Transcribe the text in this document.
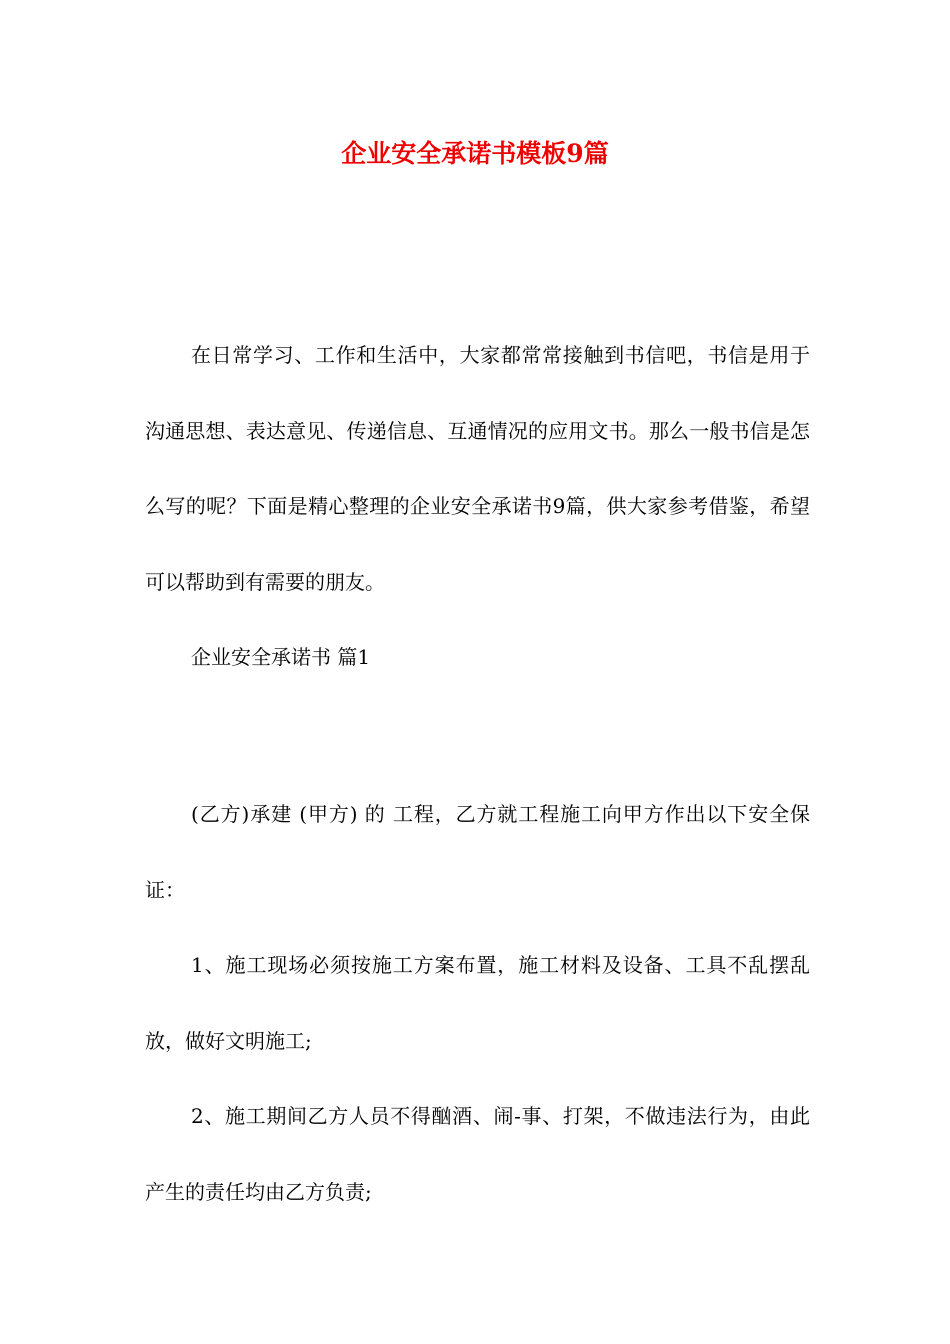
企业安全承诺书模板9篇

在日常学习、工作和生活中，大家都常常接触到书信吧，书信是用于沟通思想、表达意见、传递信息、互通情况的应用文书。那么一般书信是怎么写的呢？下面是精心整理的企业安全承诺书9篇，供大家参考借鉴，希望可以帮助到有需要的朋友。

企业安全承诺书 篇1

(乙方)承建 (甲方) 的 工程，乙方就工程施工向甲方作出以下安全保证：

1、施工现场必须按施工方案布置，施工材料及设备、工具不乱摆乱放，做好文明施工;

2、施工期间乙方人员不得酗酒、闹-事、打架，不做违法行为，由此产生的责任均由乙方负责;
